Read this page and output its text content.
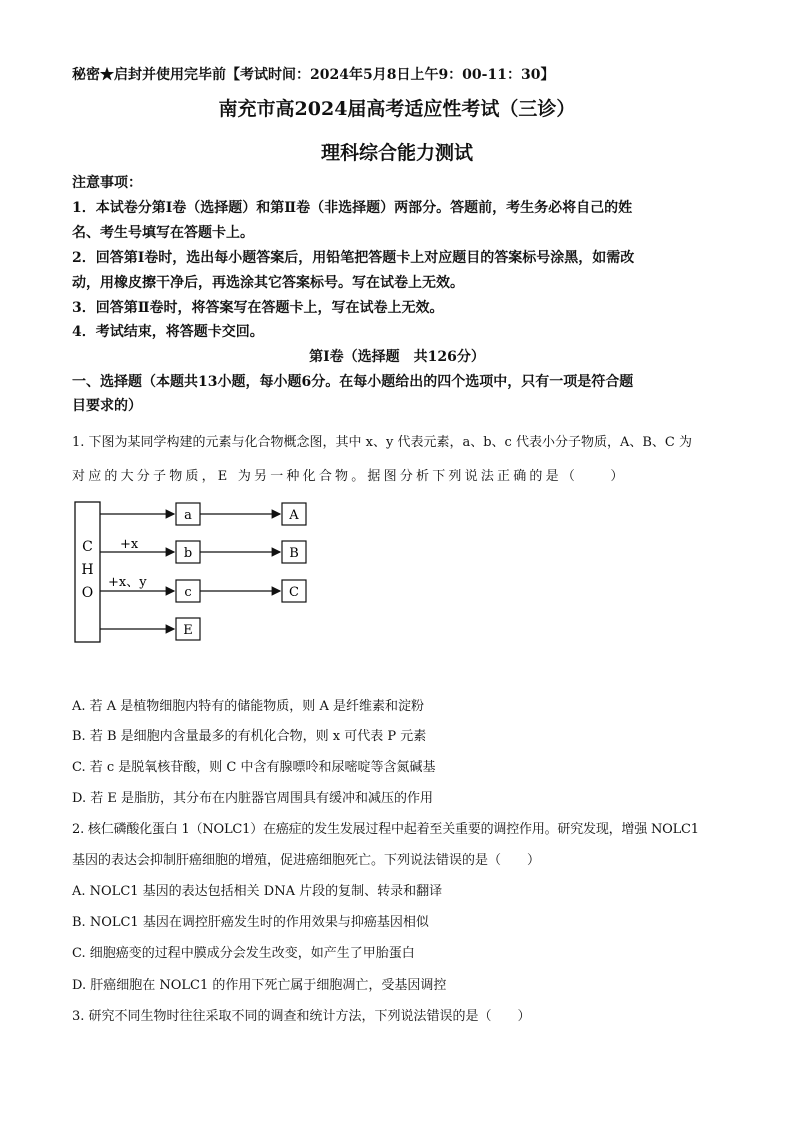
秘密★启封并使用完毕前【考试时间：2024年5月8日上午9：00-11：30】
南充市高2024届高考适应性考试（三诊）
理科综合能力测试
注意事项：
1．本试卷分第Ⅰ卷（选择题）和第Ⅱ卷（非选择题）两部分。答题前，考生务必将自己的姓
名、考生号填写在答题卡上。
2．回答第Ⅰ卷时，选出每小题答案后，用铅笔把答题卡上对应题目的答案标号涂黑，如需改
动，用橡皮擦干净后，再选涂其它答案标号。写在试卷上无效。
3．回答第Ⅱ卷时，将答案写在答题卡上，写在试卷上无效。
4．考试结束，将答题卡交回。
第Ⅰ卷（选择题　共126分）
一、选择题（本题共13小题，每小题6分。在每小题给出的四个选项中，只有一项是符合题
目要求的）
1. 下图为某同学构建的元素与化合物概念图，其中 x、y 代表元素，a、b、c 代表小分子物质，A、B、C 为
对应的大分子物质，E 为另一种化合物。据图分析下列说法正确的是（　　）
C
H
O
a	A
+x
b	B
+x、y
c	C
E
A. 若 A 是植物细胞内特有的储能物质，则 A 是纤维素和淀粉
B. 若 B 是细胞内含量最多的有机化合物，则 x 可代表 P 元素
C. 若 c 是脱氧核苷酸，则 C 中含有腺嘌呤和尿嘧啶等含氮碱基
D. 若 E 是脂肪，其分布在内脏器官周围具有缓冲和减压的作用
2. 核仁磷酸化蛋白 1（NOLC1）在癌症的发生发展过程中起着至关重要的调控作用。研究发现，增强 NOLC1
基因的表达会抑制肝癌细胞的增殖，促进癌细胞死亡。下列说法错误的是（　　）
A. NOLC1 基因的表达包括相关 DNA 片段的复制、转录和翻译
B. NOLC1 基因在调控肝癌发生时的作用效果与抑癌基因相似
C. 细胞癌变的过程中膜成分会发生改变，如产生了甲胎蛋白
D. 肝癌细胞在 NOLC1 的作用下死亡属于细胞凋亡，受基因调控
3. 研究不同生物时往往采取不同的调查和统计方法，下列说法错误的是（　　）
